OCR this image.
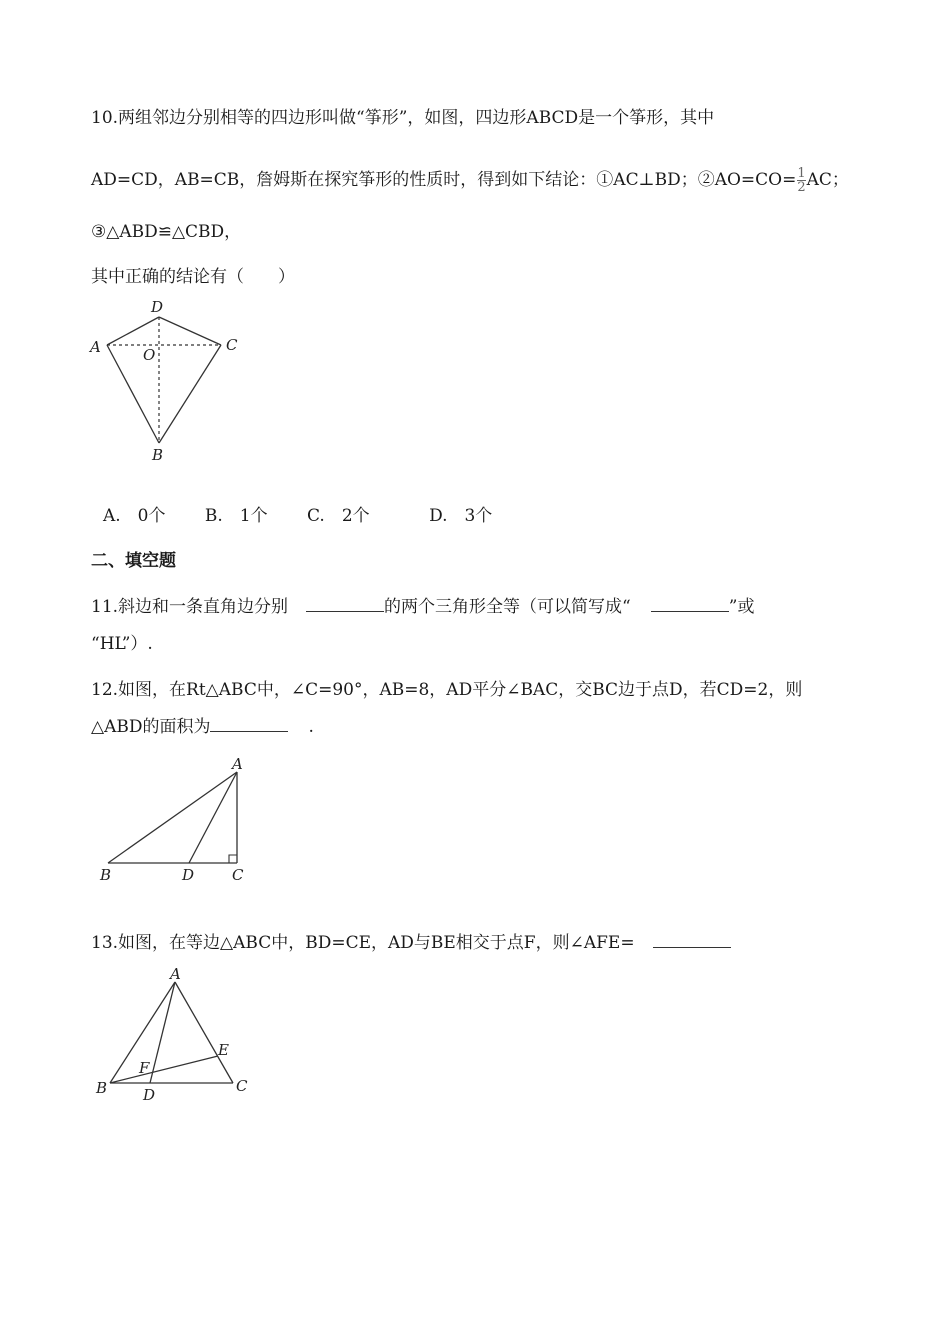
10.两组邻边分别相等的四边形叫做“筝形”，如图，四边形ABCD是一个筝形，其中
AD=CD，AB=CB，詹姆斯在探究筝形的性质时，得到如下结论：①AC⊥BD；②AO=CO= $\frac{1}{2}$ AC；
③△ABD≌△CBD，
其中正确的结论有（　　）
D
A	O
C
B
A.　0个 B.　1个 C.　2个	D.　3个
二、填空题
11.斜边和一条直角边分别	的两个三角形全等（可以简写成“	”或
“HL”）.
12.如图，在Rt△ABC中，∠C=90°，AB=8，AD平分∠BAC，交BC边于点D，若CD=2，则
△ABD的面积为	.
A
B	D	C
13.如图，在等边△ABC中，BD=CE，AD与BE相交于点F，则∠AFE=
A
E
F
B D	C
